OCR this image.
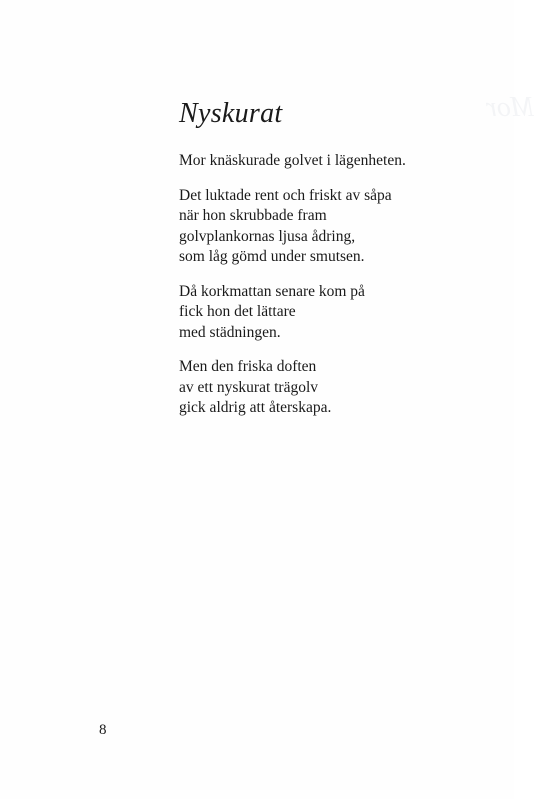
Mor
Nyskurat

Mor knäskurade golvet i lägenheten.

Det luktade rent och friskt av såpa
när hon skrubbade fram
golvplankornas ljusa ådring,
som låg gömd under smutsen.

Då korkmattan senare kom på
fick hon det lättare
med städningen.

Men den friska doften
av ett nyskurat trägolv
gick aldrig att återskapa.

8
